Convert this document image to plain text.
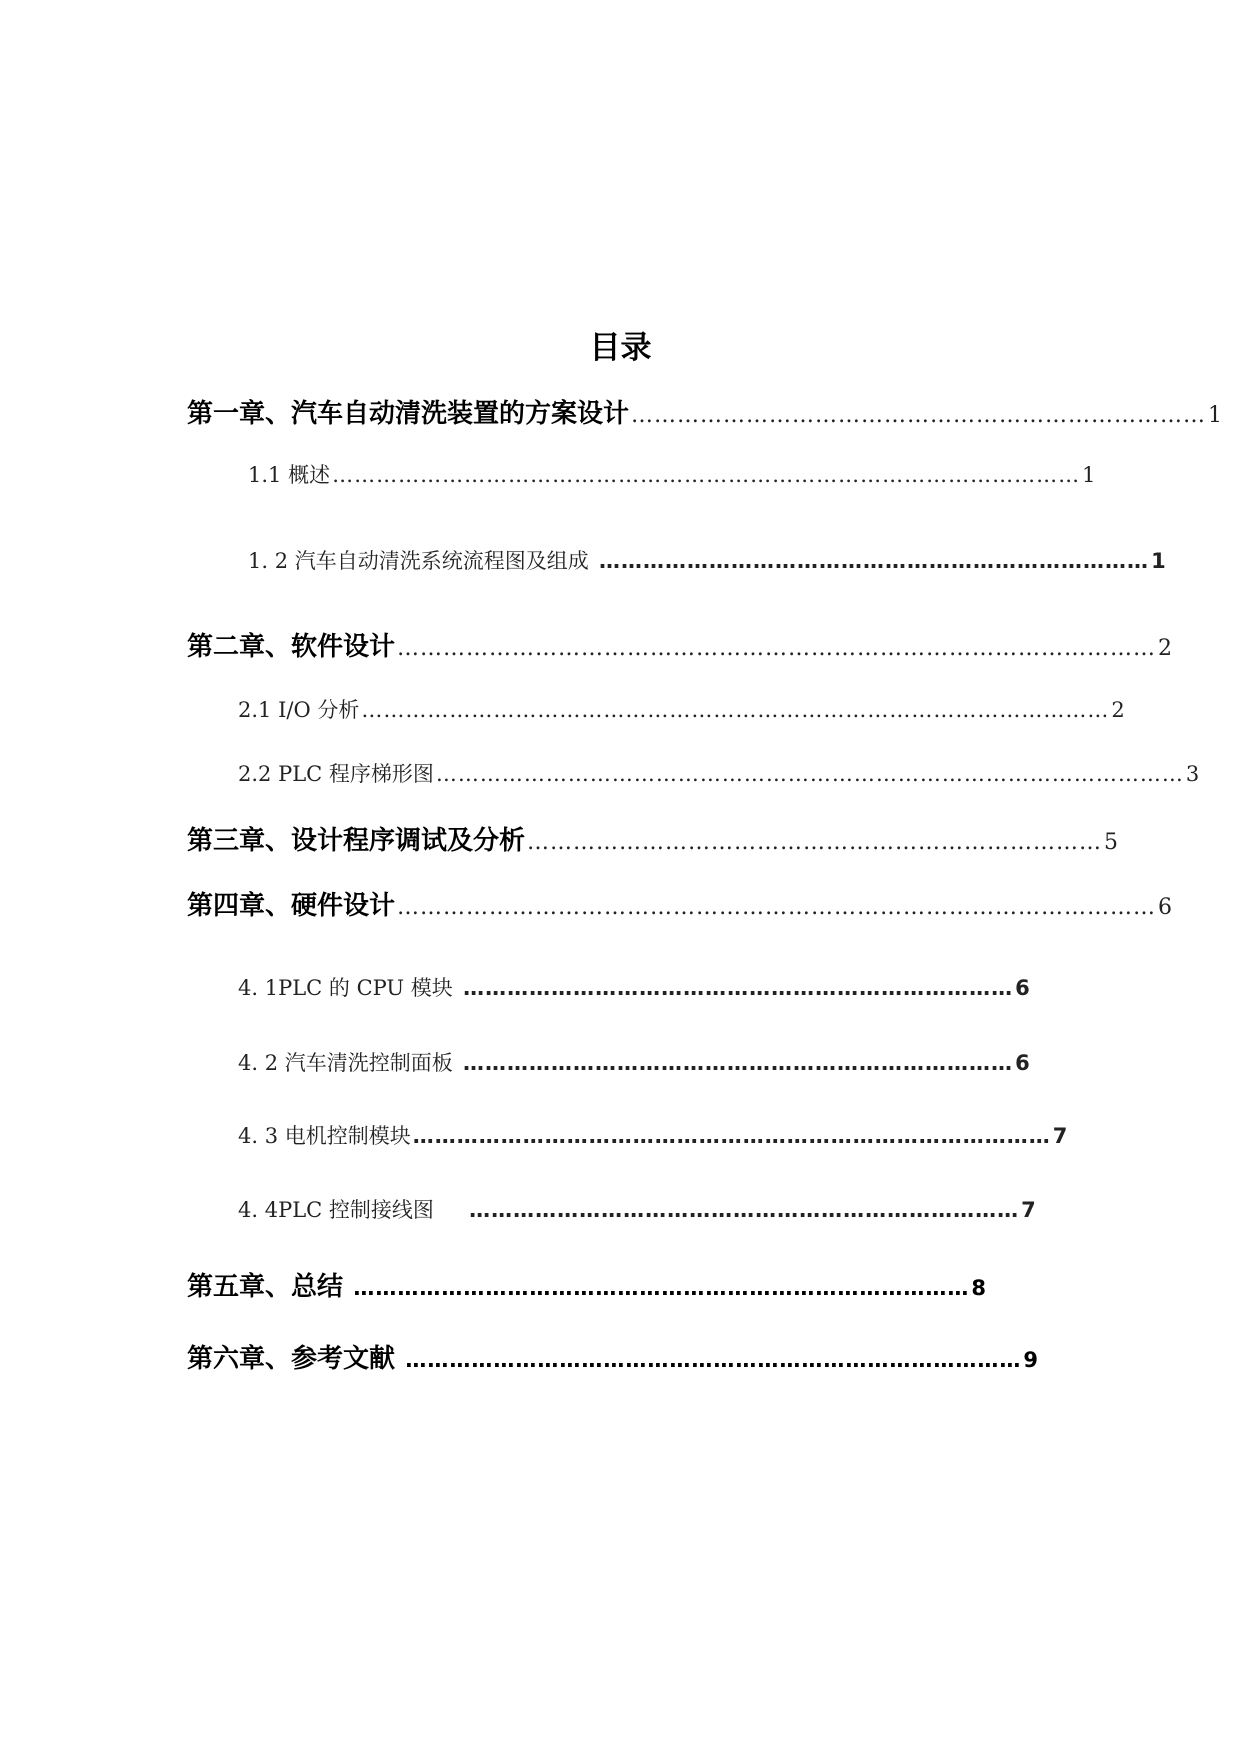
目录
第一章、汽车自动清洗装置的方案设计 ………………………………………………………………… 1
1.1 概述 ………………………………………………………………………………………… 1
1. 2 汽车自动清洗系统流程图及组成 ………………………………………………………………… 1
第二章、软件设计 ……………………………………………………………………………………… 2
2.1 I/O 分析 ………………………………………………………………………………………… 2
2.2 PLC 程序梯形图 ………………………………………………………………………………………… 3
第三章、设计程序调试及分析 ………………………………………………………………… 5
第四章、硬件设计 ……………………………………………………………………………………… 6
4. 1PLC 的 CPU 模块 ………………………………………………………………… 6
4. 2 汽车清洗控制面板 ………………………………………………………………… 6
4. 3 电机控制模块 …………………………………………………………………………… 7
4. 4PLC 控制接线图 ………………………………………………………………… 7
第五章、总结 ………………………………………………………………………… 8
第六章、参考文献 ………………………………………………………………………… 9
